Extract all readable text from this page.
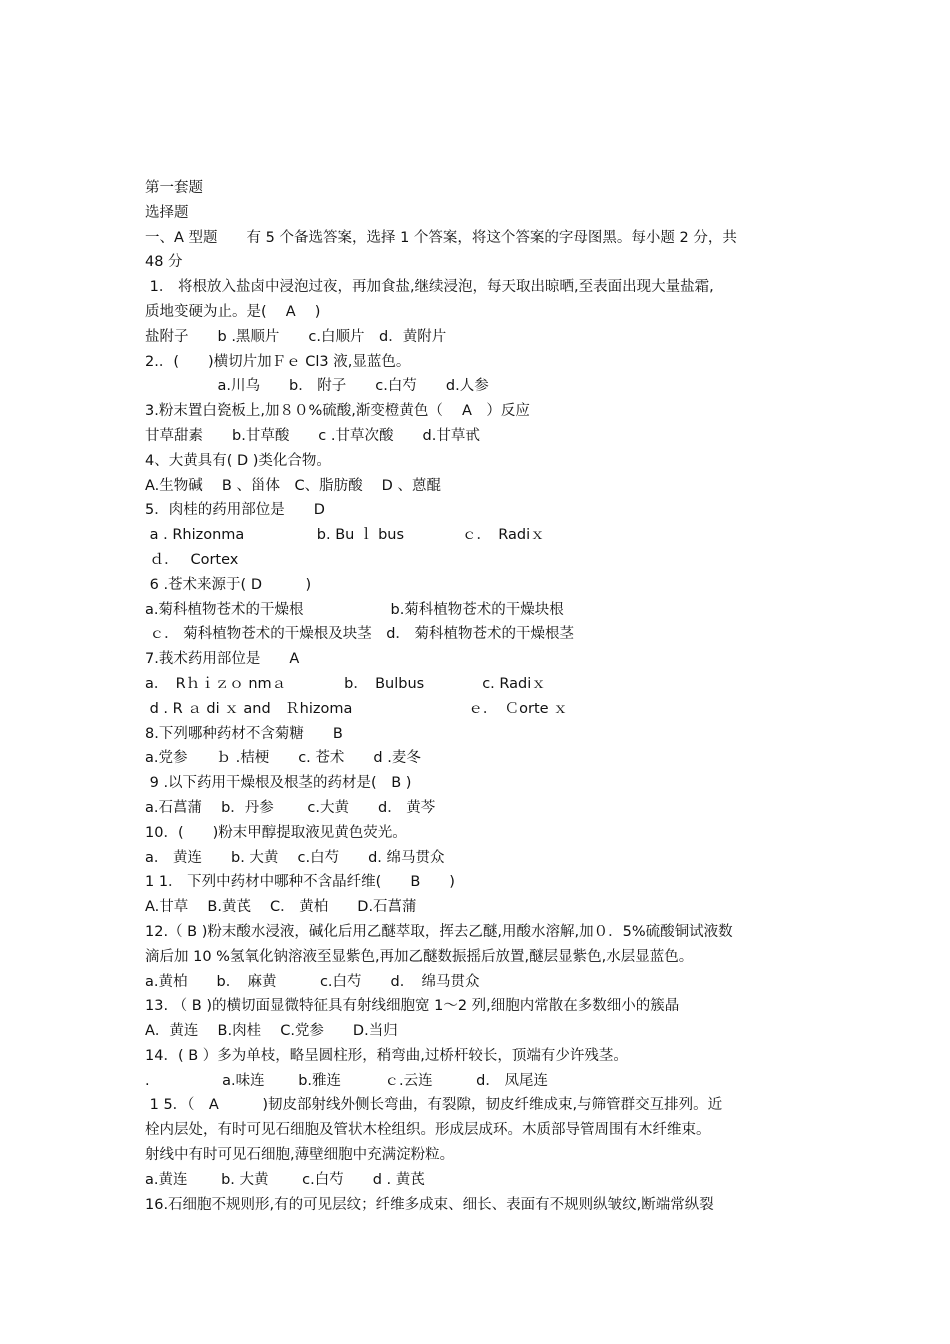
第一套题
选择题
一、A 型题　　有 5 个备选答案，选择 1 个答案，将这个答案的字母图黑。每小题 2 分，共
48 分
1． 将根放入盐卤中浸泡过夜，再加食盐,继续浸泡，每天取出晾晒,至表面出现大量盐霜,
质地变硬为止。是(　 A　 )
盐附子　　b .黑顺片　　c.白顺片　d．黄附片
2.．(　　)横切片加Ｆｅ Cl3 液,显蓝色。
　　　　　a.川乌　　b． 附子　　c.白芍　　d.人参
3.粉末置白瓷板上,加８０%硫酸,渐变橙黄色（　 A　）反应
甘草甜素　　b.甘草酸　　c .甘草次酸　　d.甘草甙
4、大黄具有( D )类化合物。
A.生物碱　 B 、甾体　C、脂肪酸　 D 、蒽醌
5．肉桂的药用部位是　　D
a . Rhizonma　　　　　b. Bu ｌ bus　　　　ｃ．　Radiｘ
ｄ．　 Cortex
6 .苍术来源于( D　　　)
a.菊科植物苍术的干燥根　　　　　　b.菊科植物苍术的干燥块根
ｃ． 菊科植物苍术的干燥根及块茎　d． 菊科植物苍术的干燥根茎
7.莪术药用部位是　　A
a．　Rｈｉｚｏ nmａ　　　　b．　Bulbus　　　　c. Radiｘ
d . R ａ di ｘ and　Ｒhizoma　　　　　　　　ｅ．　Ｃorte ｘ
8.下列哪种药材不含菊糖　　B
a.党参　　ｂ .桔梗　　c. 苍术　　d .麦冬
9 .以下药用干燥根及根茎的药材是(　B )
a.石菖蒲　 b．丹参　　 c.大黄　　d． 黄芩
10．(　　)粉末甲醇提取液见黄色荧光。
a． 黄连　　b. 大黄　 c.白芍　　d. 绵马贯众
1 1． 下列中药材中哪种不含晶纤维(　　B　　)
A.甘草　 B.黄芪　 C． 黄柏　　D.石菖蒲
12.（ B )粉末酸水浸液，碱化后用乙醚萃取，挥去乙醚,用酸水溶解,加０．5%硫酸铜试液数
滴后加 10 %氢氧化钠溶液至显紫色,再加乙醚数振摇后放置,醚层显紫色,水层显蓝色。
a.黄柏　　b．　麻黄　　　c.白芍　　d．　绵马贯众
13. （ B )的横切面显微特征具有射线细胞宽 1～2 列,细胞内常散在多数细小的簇晶
A．黄连　 B.肉桂　 C.党参　　D.当归
14．( B ）多为单枝，略呈圆柱形，稍弯曲,过桥杆较长，顶端有少许残茎。
.　　　　　a.味连　　 b.雅连　　　ｃ.云连　　　d． 凤尾连
1 5．（　A　　　)韧皮部射线外侧长弯曲，有裂隙，韧皮纤维成束,与筛管群交互排列。近
栓内层处，有时可见石细胞及管状木栓组织。形成层成环。木质部导管周围有木纤维束。
射线中有时可见石细胞,薄壁细胞中充满淀粉粒。
a.黄连　　 b. 大黄　　 c.白芍　　d . 黄芪
16.石细胞不规则形,有的可见层纹；纤维多成束、细长、表面有不规则纵皱纹,断端常纵裂
